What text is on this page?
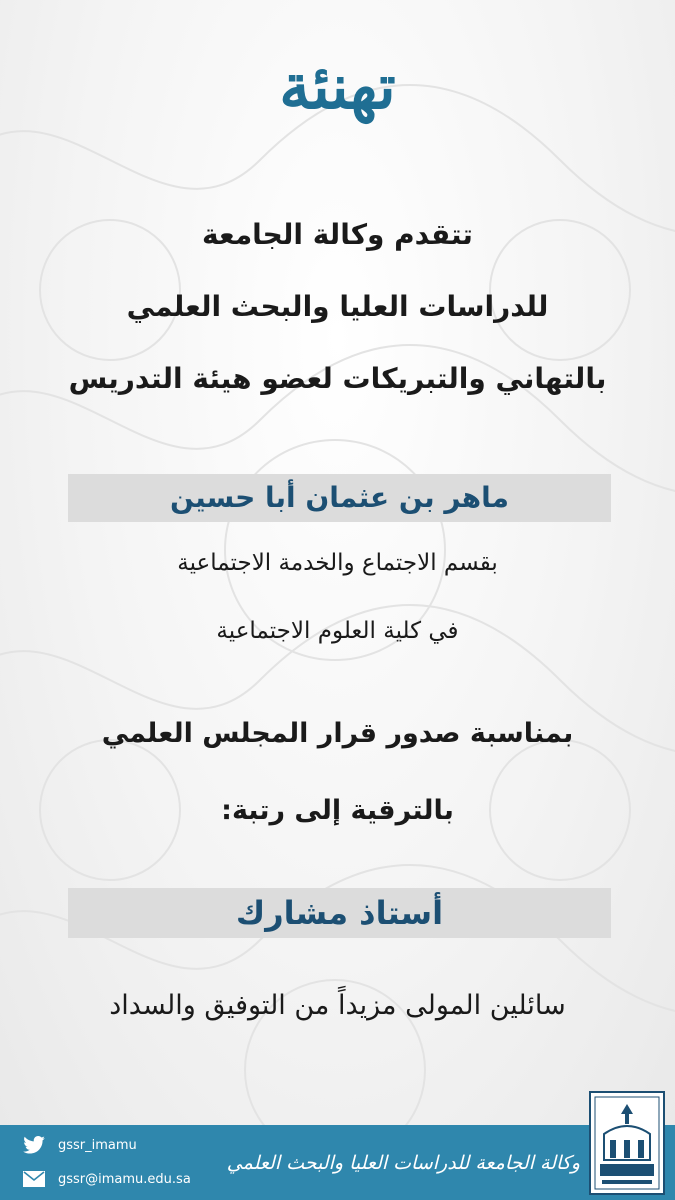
تهنئة
تتقدم وكالة الجامعة
للدراسات العليا والبحث العلمي
بالتهاني والتبريكات لعضو هيئة التدريس
ماهر بن عثمان أبا حسين
بقسم الاجتماع والخدمة الاجتماعية
في كلية العلوم الاجتماعية
بمناسبة صدور قرار المجلس العلمي
بالترقية إلى رتبة:
أستاذ مشارك
سائلين المولى مزيداً من التوفيق والسداد
gssr_imamu
gssr@imamu.edu.sa
وكالة الجامعة للدراسات العليا والبحث العلمي
